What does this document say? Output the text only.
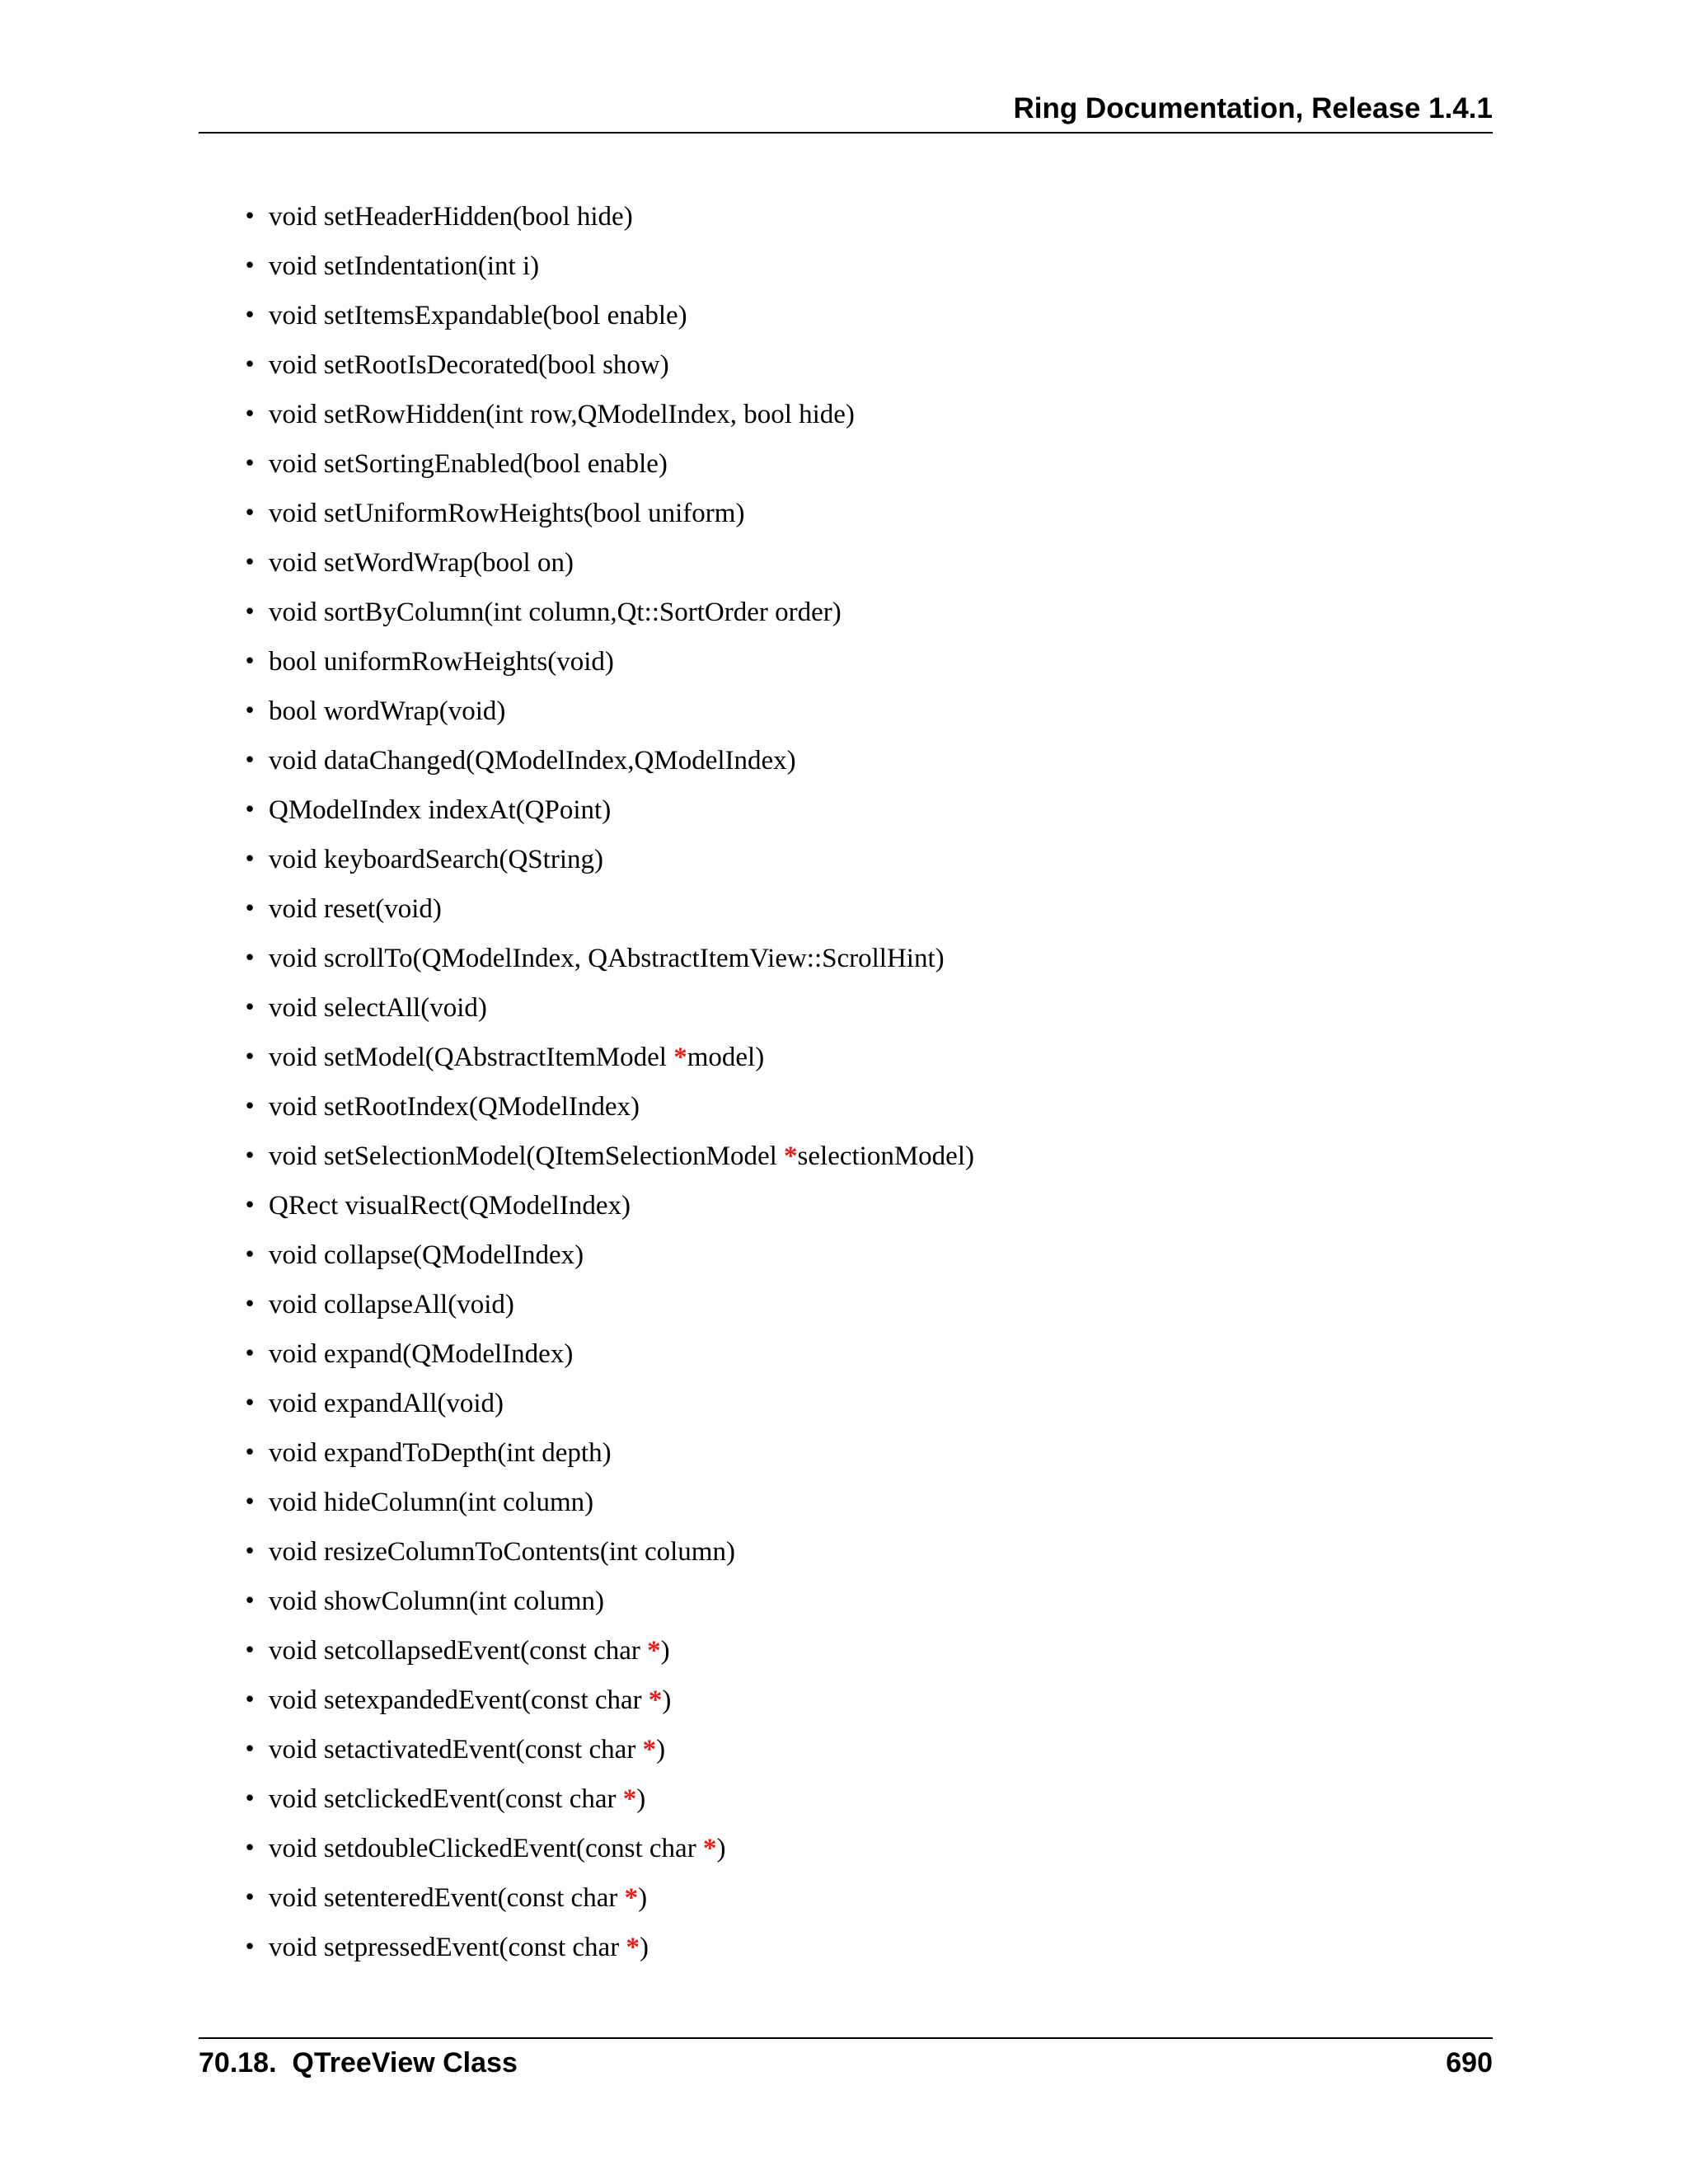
Ring Documentation, Release 1.4.1
• void setHeaderHidden(bool hide)
• void setIndentation(int i)
• void setItemsExpandable(bool enable)
• void setRootIsDecorated(bool show)
• void setRowHidden(int row,QModelIndex, bool hide)
• void setSortingEnabled(bool enable)
• void setUniformRowHeights(bool uniform)
• void setWordWrap(bool on)
• void sortByColumn(int column,Qt::SortOrder order)
• bool uniformRowHeights(void)
• bool wordWrap(void)
• void dataChanged(QModelIndex,QModelIndex)
• QModelIndex indexAt(QPoint)
• void keyboardSearch(QString)
• void reset(void)
• void scrollTo(QModelIndex, QAbstractItemView::ScrollHint)
• void selectAll(void)
• void setModel(QAbstractItemModel *model)
• void setRootIndex(QModelIndex)
• void setSelectionModel(QItemSelectionModel *selectionModel)
• QRect visualRect(QModelIndex)
• void collapse(QModelIndex)
• void collapseAll(void)
• void expand(QModelIndex)
• void expandAll(void)
• void expandToDepth(int depth)
• void hideColumn(int column)
• void resizeColumnToContents(int column)
• void showColumn(int column)
• void setcollapsedEvent(const char *)
• void setexpandedEvent(const char *)
• void setactivatedEvent(const char *)
• void setclickedEvent(const char *)
• void setdoubleClickedEvent(const char *)
• void setenteredEvent(const char *)
• void setpressedEvent(const char *)
70.18.  QTreeView Class	690
